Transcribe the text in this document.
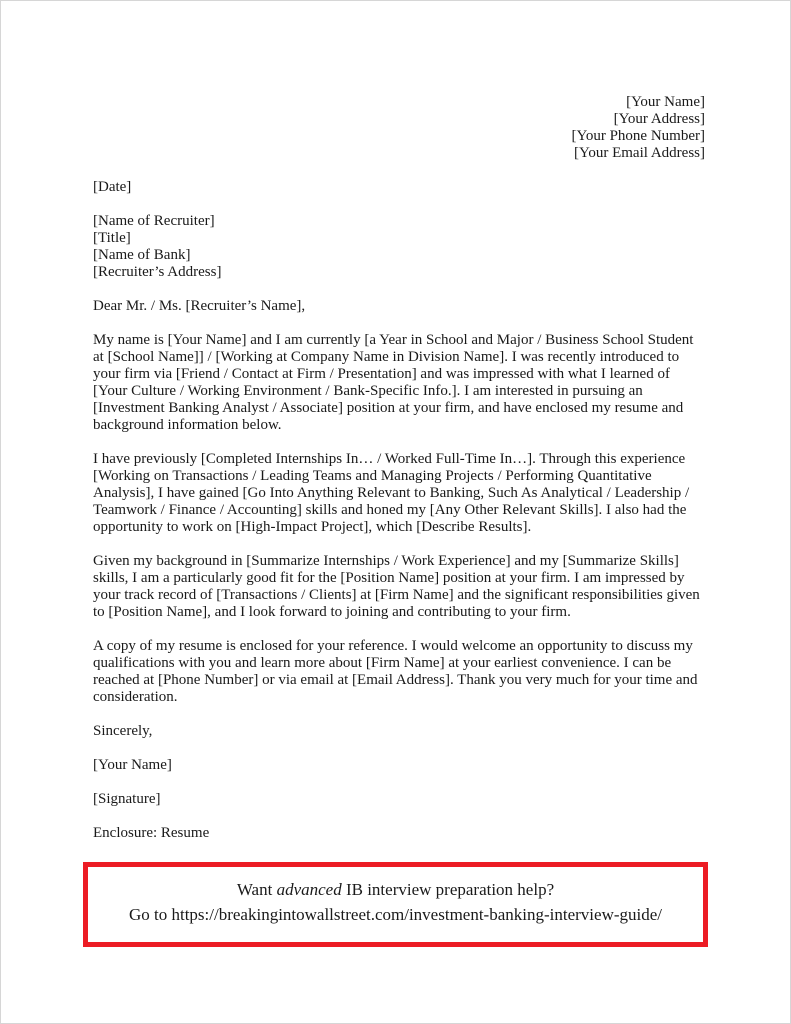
[Your Name]
[Your Address]
[Your Phone Number]
[Your Email Address]
[Date]
[Name of Recruiter]
[Title]
[Name of Bank]
[Recruiter’s Address]
Dear Mr. / Ms. [Recruiter’s Name],

My name is [Your Name] and I am currently [a Year in School and Major / Business School Student at [School Name]] / [Working at Company Name in Division Name]. I was recently introduced to your firm via [Friend / Contact at Firm / Presentation] and was impressed with what I learned of [Your Culture / Working Environment / Bank-Specific Info.]. I am interested in pursuing an [Investment Banking Analyst / Associate] position at your firm, and have enclosed my resume and background information below.

I have previously [Completed Internships In… / Worked Full-Time In…]. Through this experience [Working on Transactions / Leading Teams and Managing Projects / Performing Quantitative Analysis], I have gained [Go Into Anything Relevant to Banking, Such As Analytical / Leadership / Teamwork / Finance / Accounting] skills and honed my [Any Other Relevant Skills]. I also had the opportunity to work on [High-Impact Project], which [Describe Results].

Given my background in [Summarize Internships / Work Experience] and my [Summarize Skills] skills, I am a particularly good fit for the [Position Name] position at your firm. I am impressed by your track record of [Transactions / Clients] at [Firm Name] and the significant responsibilities given to [Position Name], and I look forward to joining and contributing to your firm.

A copy of my resume is enclosed for your reference. I would welcome an opportunity to discuss my qualifications with you and learn more about [Firm Name] at your earliest convenience. I can be reached at [Phone Number] or via email at [Email Address]. Thank you very much for your time and consideration.

Sincerely,
[Your Name]
[Signature]
Enclosure: Resume
Want advanced IB interview preparation help?
Go to https://breakingintowallstreet.com/investment-banking-interview-guide/
